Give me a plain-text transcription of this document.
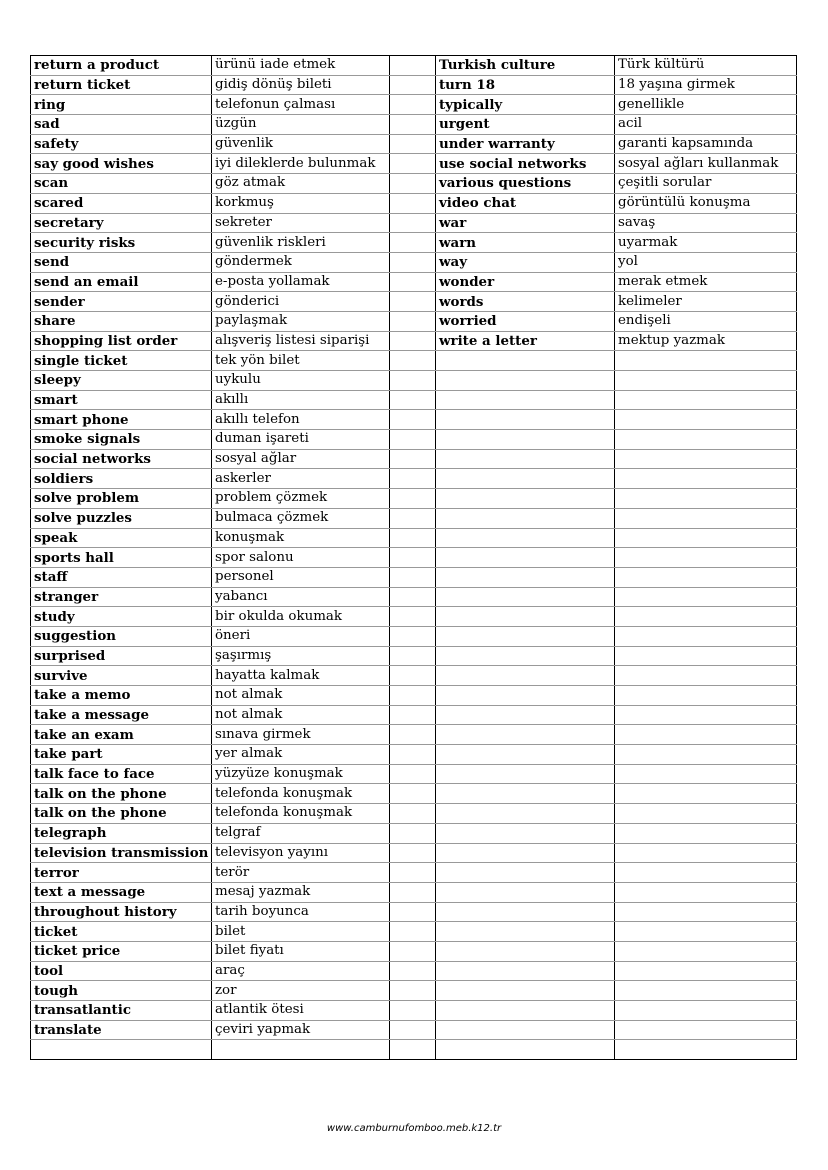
return a product	ürünü iade etmek		Turkish culture	Türk kültürü
return ticket	gidiş dönüş bileti		turn 18	18 yaşına girmek
ring	telefonun çalması		typically	genellikle
sad	üzgün		urgent	acil
safety	güvenlik		under warranty	garanti kapsamında
say good wishes	iyi dileklerde bulunmak		use social networks	sosyal ağları kullanmak
scan	göz atmak		various questions	çeşitli sorular
scared	korkmuş		video chat	görüntülü konuşma
secretary	sekreter		war	savaş
security risks	güvenlik riskleri		warn	uyarmak
send	göndermek		way	yol
send an email	e-posta yollamak		wonder	merak etmek
sender	gönderici		words	kelimeler
share	paylaşmak		worried	endişeli
shopping list order	alışveriş listesi siparişi		write a letter	mektup yazmak
single ticket	tek yön bilet			
sleepy	uykulu			
smart	akıllı			
smart phone	akıllı telefon			
smoke signals	duman işareti			
social networks	sosyal ağlar			
soldiers	askerler			
solve problem	problem çözmek			
solve puzzles	bulmaca çözmek			
speak	konuşmak			
sports hall	spor salonu			
staff	personel			
stranger	yabancı			
study	bir okulda okumak			
suggestion	öneri			
surprised	şaşırmış			
survive	hayatta kalmak			
take a memo	not almak			
take a message	not almak			
take an exam	sınava girmek			
take part	yer almak			
talk face to face	yüzyüze konuşmak			
talk on the phone	telefonda konuşmak			
talk on the phone	telefonda konuşmak			
telegraph	telgraf			
television transmission	televisyon yayını			
terror	terör			
text a message	mesaj yazmak			
throughout history	tarih boyunca			
ticket	bilet			
ticket price	bilet fiyatı			
tool	araç			
tough	zor			
transatlantic	atlantik ötesi			
translate	çeviri yapmak			

www.camburnufomboo.meb.k12.tr
